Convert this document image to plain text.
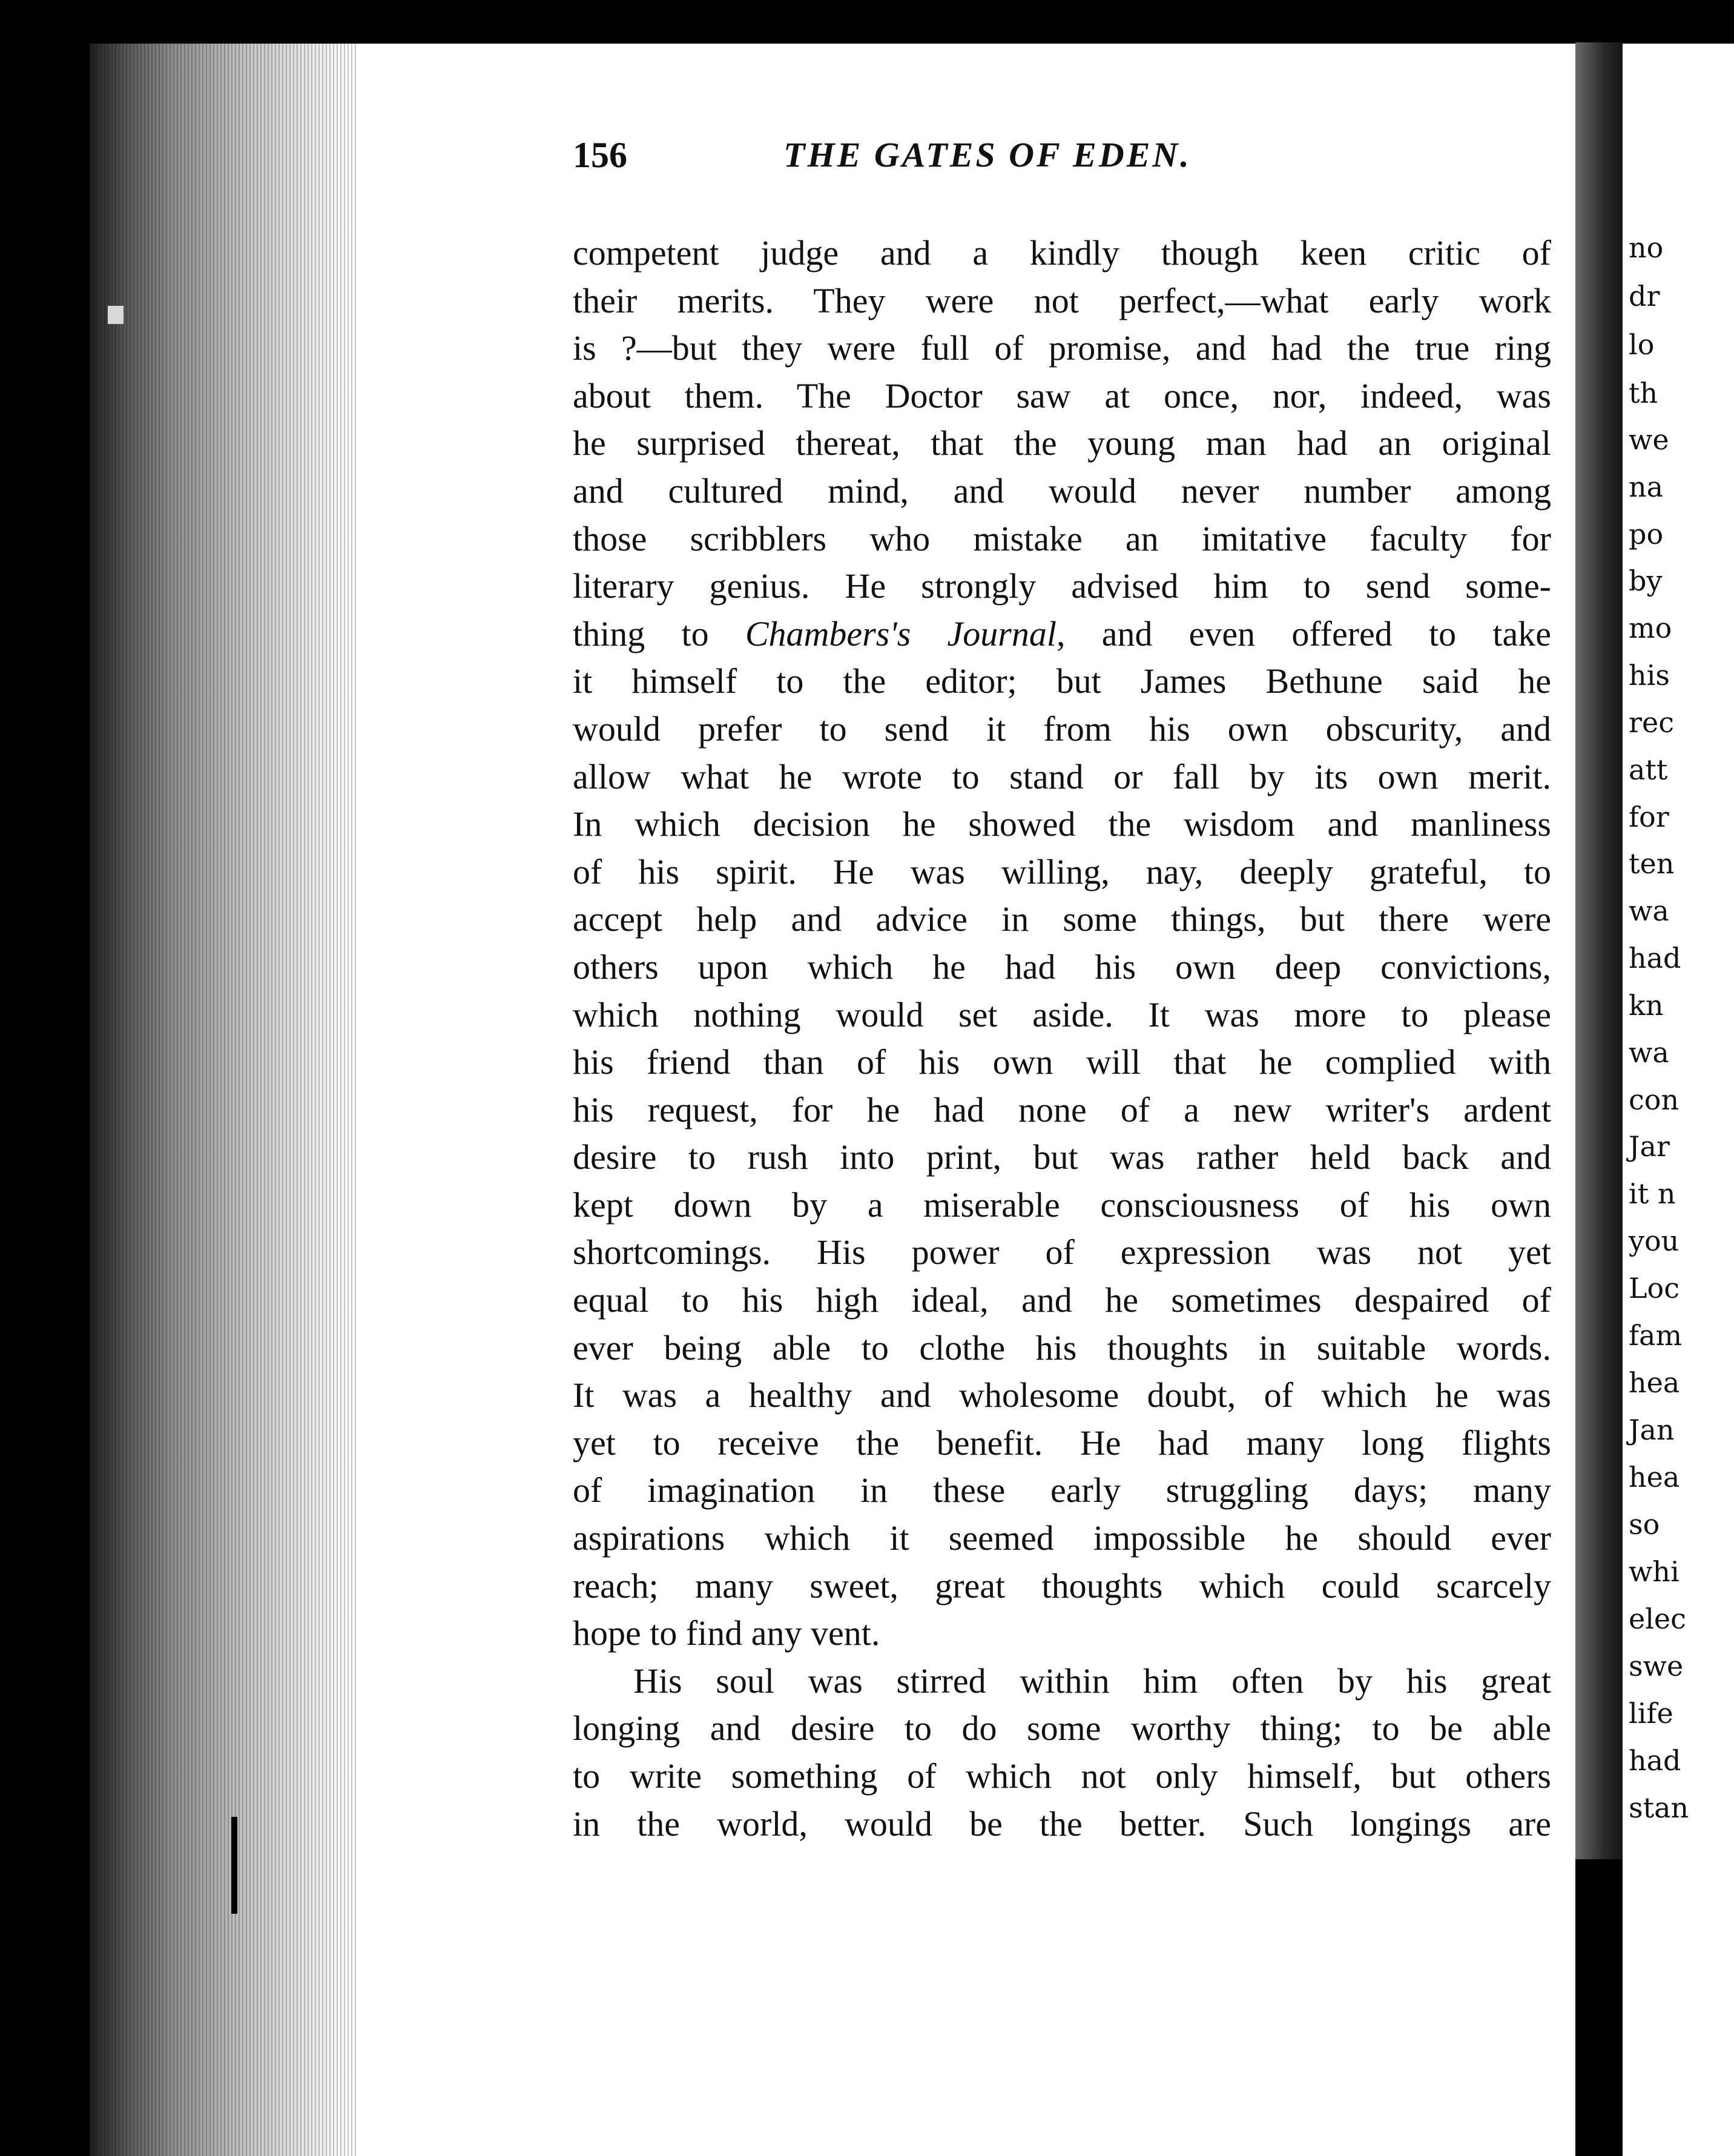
no
dr
lo
th
we
na
po
by
mo
his
rec
att
for
ten
wa
had
kn
wa
con
Jar
it n
you
Loc
fam
hea
Jan
hea
so
whi
elec
swe
life
had
stan
156	THE GATES OF EDEN.
competent judge and a kindly though keen critic of
their merits. They were not perfect,—what early work
is ?—but they were full of promise, and had the true ring
about them. The Doctor saw at once, nor, indeed, was
he surprised thereat, that the young man had an original
and cultured mind, and would never number among
those scribblers who mistake an imitative faculty for
literary genius. He strongly advised him to send some-
thing to Chambers's Journal, and even offered to take
it himself to the editor; but James Bethune said he
would prefer to send it from his own obscurity, and
allow what he wrote to stand or fall by its own merit.
In which decision he showed the wisdom and manliness
of his spirit. He was willing, nay, deeply grateful, to
accept help and advice in some things, but there were
others upon which he had his own deep convictions,
which nothing would set aside. It was more to please
his friend than of his own will that he complied with
his request, for he had none of a new writer's ardent
desire to rush into print, but was rather held back and
kept down by a miserable consciousness of his own
shortcomings. His power of expression was not yet
equal to his high ideal, and he sometimes despaired of
ever being able to clothe his thoughts in suitable words.
It was a healthy and wholesome doubt, of which he was
yet to receive the benefit. He had many long flights
of imagination in these early struggling days; many
aspirations which it seemed impossible he should ever
reach; many sweet, great thoughts which could scarcely
hope to find any vent.
His soul was stirred within him often by his great
longing and desire to do some worthy thing; to be able
to write something of which not only himself, but others
in the world, would be the better. Such longings are
